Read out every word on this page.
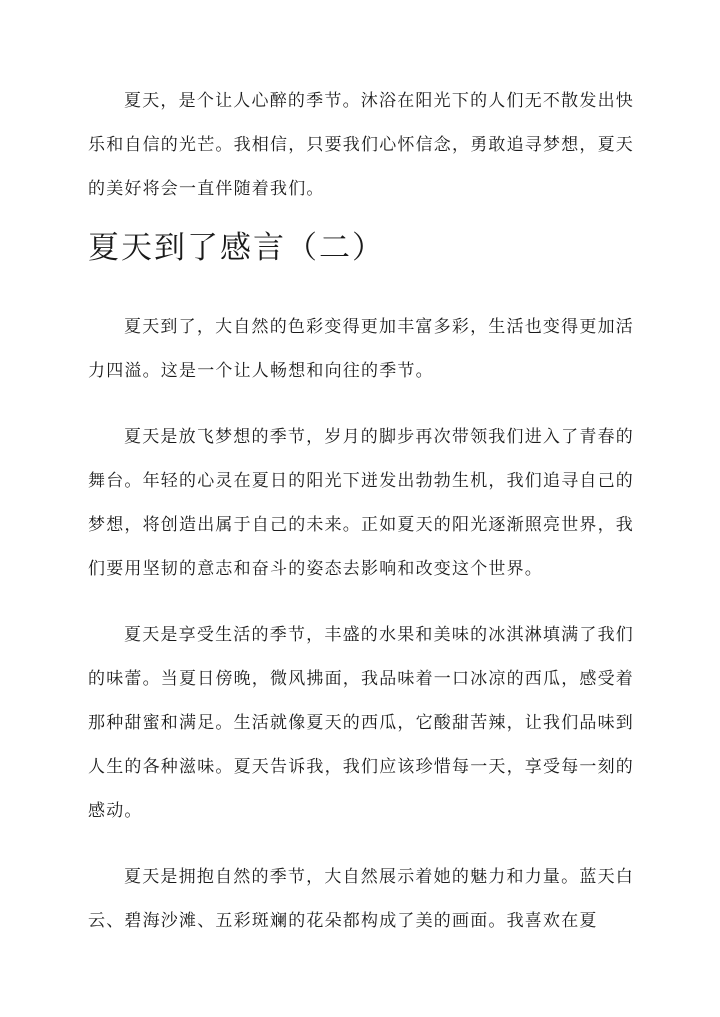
夏天，是个让人心醉的季节。沐浴在阳光下的人们无不散发出快乐和自信的光芒。我相信，只要我们心怀信念，勇敢追寻梦想，夏天的美好将会一直伴随着我们。

夏天到了感言（二）

夏天到了，大自然的色彩变得更加丰富多彩，生活也变得更加活力四溢。这是一个让人畅想和向往的季节。

夏天是放飞梦想的季节，岁月的脚步再次带领我们进入了青春的舞台。年轻的心灵在夏日的阳光下迸发出勃勃生机，我们追寻自己的梦想，将创造出属于自己的未来。正如夏天的阳光逐渐照亮世界，我们要用坚韧的意志和奋斗的姿态去影响和改变这个世界。

夏天是享受生活的季节，丰盛的水果和美味的冰淇淋填满了我们的味蕾。当夏日傍晚，微风拂面，我品味着一口冰凉的西瓜，感受着那种甜蜜和满足。生活就像夏天的西瓜，它酸甜苦辣，让我们品味到人生的各种滋味。夏天告诉我，我们应该珍惜每一天，享受每一刻的感动。

夏天是拥抱自然的季节，大自然展示着她的魅力和力量。蓝天白云、碧海沙滩、五彩斑斓的花朵都构成了美的画面。我喜欢在夏
